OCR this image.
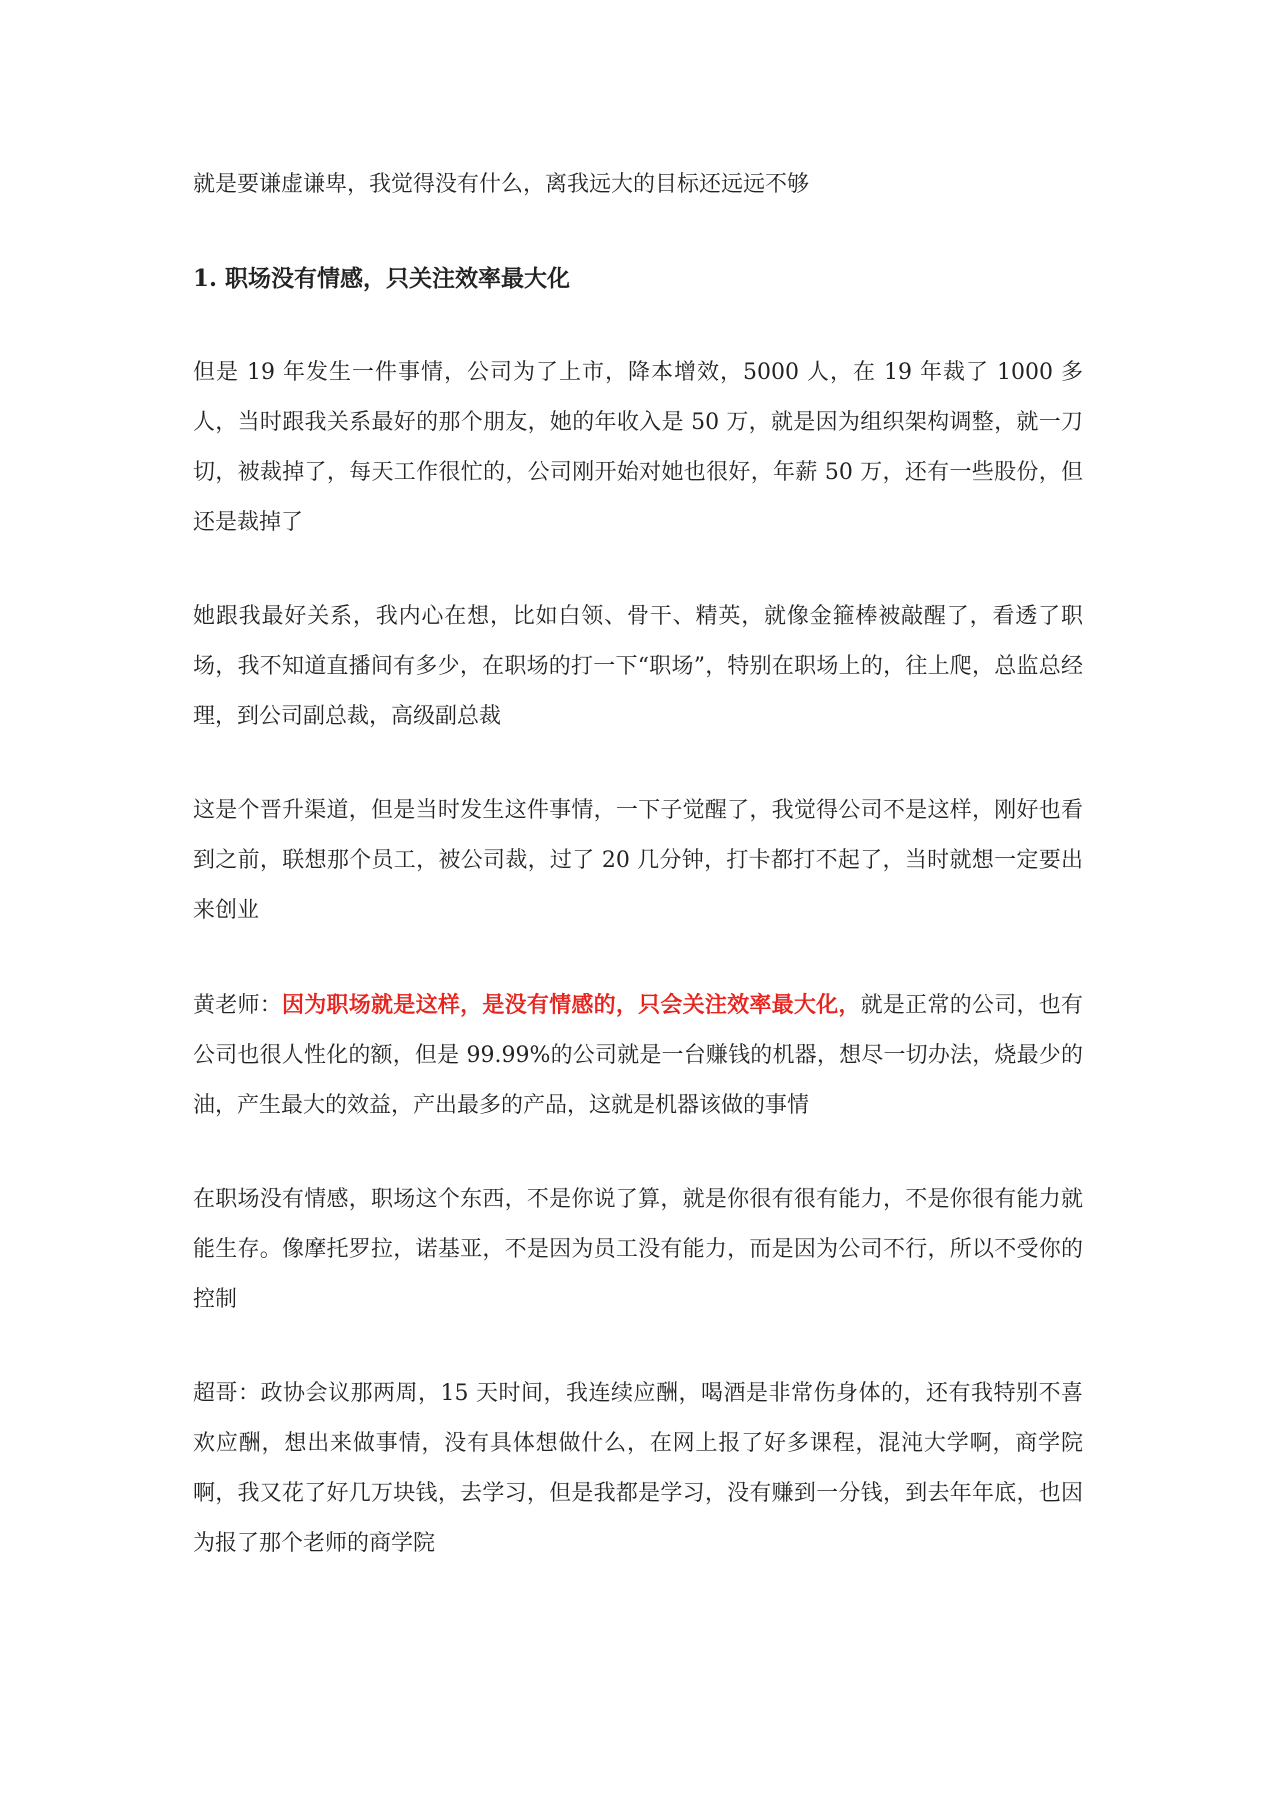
就是要谦虚谦卑，我觉得没有什么，离我远大的目标还远远不够

1. 职场没有情感，只关注效率最大化

但是 19 年发生一件事情，公司为了上市，降本增效，5000 人，在 19 年裁了 1000 多人，当时跟我关系最好的那个朋友，她的年收入是 50 万，就是因为组织架构调整，就一刀切，被裁掉了，每天工作很忙的，公司刚开始对她也很好，年薪 50 万，还有一些股份，但还是裁掉了

她跟我最好关系，我内心在想，比如白领、骨干、精英，就像金箍棒被敲醒了，看透了职场，我不知道直播间有多少，在职场的打一下“职场”，特别在职场上的，往上爬，总监总经理，到公司副总裁，高级副总裁

这是个晋升渠道，但是当时发生这件事情，一下子觉醒了，我觉得公司不是这样，刚好也看到之前，联想那个员工，被公司裁，过了 20 几分钟，打卡都打不起了，当时就想一定要出来创业

黄老师：因为职场就是这样，是没有情感的，只会关注效率最大化，就是正常的公司，也有公司也很人性化的额，但是 99.99%的公司就是一台赚钱的机器，想尽一切办法，烧最少的油，产生最大的效益，产出最多的产品，这就是机器该做的事情

在职场没有情感，职场这个东西，不是你说了算，就是你很有很有能力，不是你很有能力就能生存。像摩托罗拉，诺基亚，不是因为员工没有能力，而是因为公司不行，所以不受你的控制

超哥：政协会议那两周，15 天时间，我连续应酬，喝酒是非常伤身体的，还有我特别不喜欢应酬，想出来做事情，没有具体想做什么，在网上报了好多课程，混沌大学啊，商学院啊，我又花了好几万块钱，去学习，但是我都是学习，没有赚到一分钱，到去年年底，也因为报了那个老师的商学院
